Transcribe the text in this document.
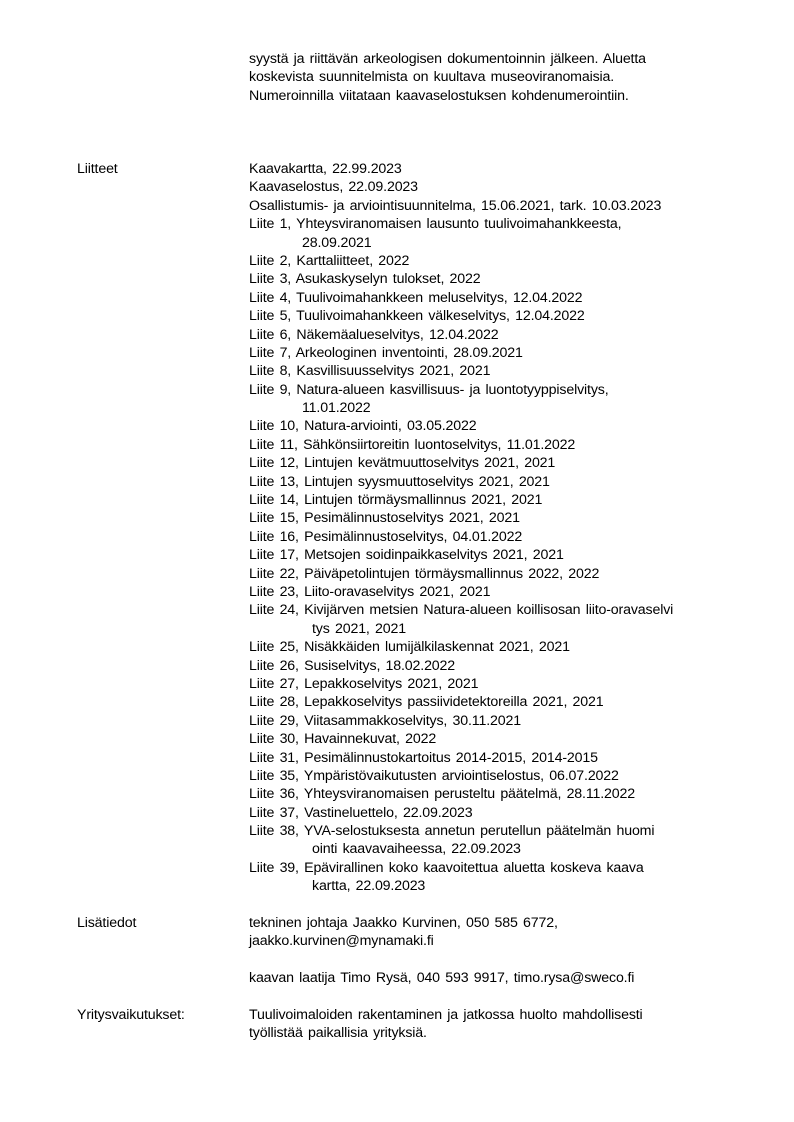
syystä ja riittävän arkeologisen dokumentoinnin jälkeen. Aluetta
koskevista suunnitelmista on kuultava museoviranomaisia.
Numeroinnilla viitataan kaavaselostuksen kohdenumerointiin.
Liitteet	Kaavakartta, 22.99.2023
Kaavaselostus, 22.09.2023
Osallistumis- ja arviointisuunnitelma, 15.06.2021, tark. 10.03.2023
Liite 1, Yhteysviranomaisen lausunto tuulivoimahankkeesta,
28.09.2021
Liite 2, Karttaliitteet, 2022
Liite 3, Asukaskyselyn tulokset, 2022
Liite 4, Tuulivoimahankkeen meluselvitys, 12.04.2022
Liite 5, Tuulivoimahankkeen välkeselvitys, 12.04.2022
Liite 6, Näkemäalueselvitys, 12.04.2022
Liite 7, Arkeologinen inventointi, 28.09.2021
Liite 8, Kasvillisuusselvitys 2021, 2021
Liite 9, Natura-alueen kasvillisuus- ja luontotyyppiselvitys,
11.01.2022
Liite 10, Natura-arviointi, 03.05.2022
Liite 11, Sähkönsiirtoreitin luontoselvitys, 11.01.2022
Liite 12, Lintujen kevätmuuttoselvitys 2021, 2021
Liite 13, Lintujen syysmuuttoselvitys 2021, 2021
Liite 14, Lintujen törmäysmallinnus 2021, 2021
Liite 15, Pesimälinnustoselvitys 2021, 2021
Liite 16, Pesimälinnustoselvitys, 04.01.2022
Liite 17, Metsojen soidinpaikkaselvitys 2021, 2021
Liite 22, Päiväpetolintujen törmäysmallinnus 2022, 2022
Liite 23, Liito-oravaselvitys 2021, 2021
Liite 24, Kivijärven metsien Natura-alueen koillisosan liito-oravaselvi
tys 2021, 2021
Liite 25, Nisäkkäiden lumijälkilaskennat 2021, 2021
Liite 26, Susiselvitys, 18.02.2022
Liite 27, Lepakkoselvitys 2021, 2021
Liite 28, Lepakkoselvitys passiividetektoreilla 2021, 2021
Liite 29, Viitasammakkoselvitys, 30.11.2021
Liite 30, Havainnekuvat, 2022
Liite 31, Pesimälinnustokartoitus 2014-2015, 2014-2015
Liite 35, Ympäristövaikutusten arviointiselostus, 06.07.2022
Liite 36, Yhteysviranomaisen perusteltu päätelmä, 28.11.2022
Liite 37, Vastineluettelo, 22.09.2023
Liite 38, YVA-selostuksesta annetun perutellun päätelmän huomi
ointi kaavavaiheessa, 22.09.2023
Liite 39, Epävirallinen koko kaavoitettua aluetta koskeva kaava
kartta, 22.09.2023
Lisätiedot	tekninen johtaja Jaakko Kurvinen, 050 585 6772,
jaakko.kurvinen@mynamaki.fi
kaavan laatija Timo Rysä, 040 593 9917, timo.rysa@sweco.fi
Yritysvaikutukset:	Tuulivoimaloiden rakentaminen ja jatkossa huolto mahdollisesti
työllistää paikallisia yrityksiä.
